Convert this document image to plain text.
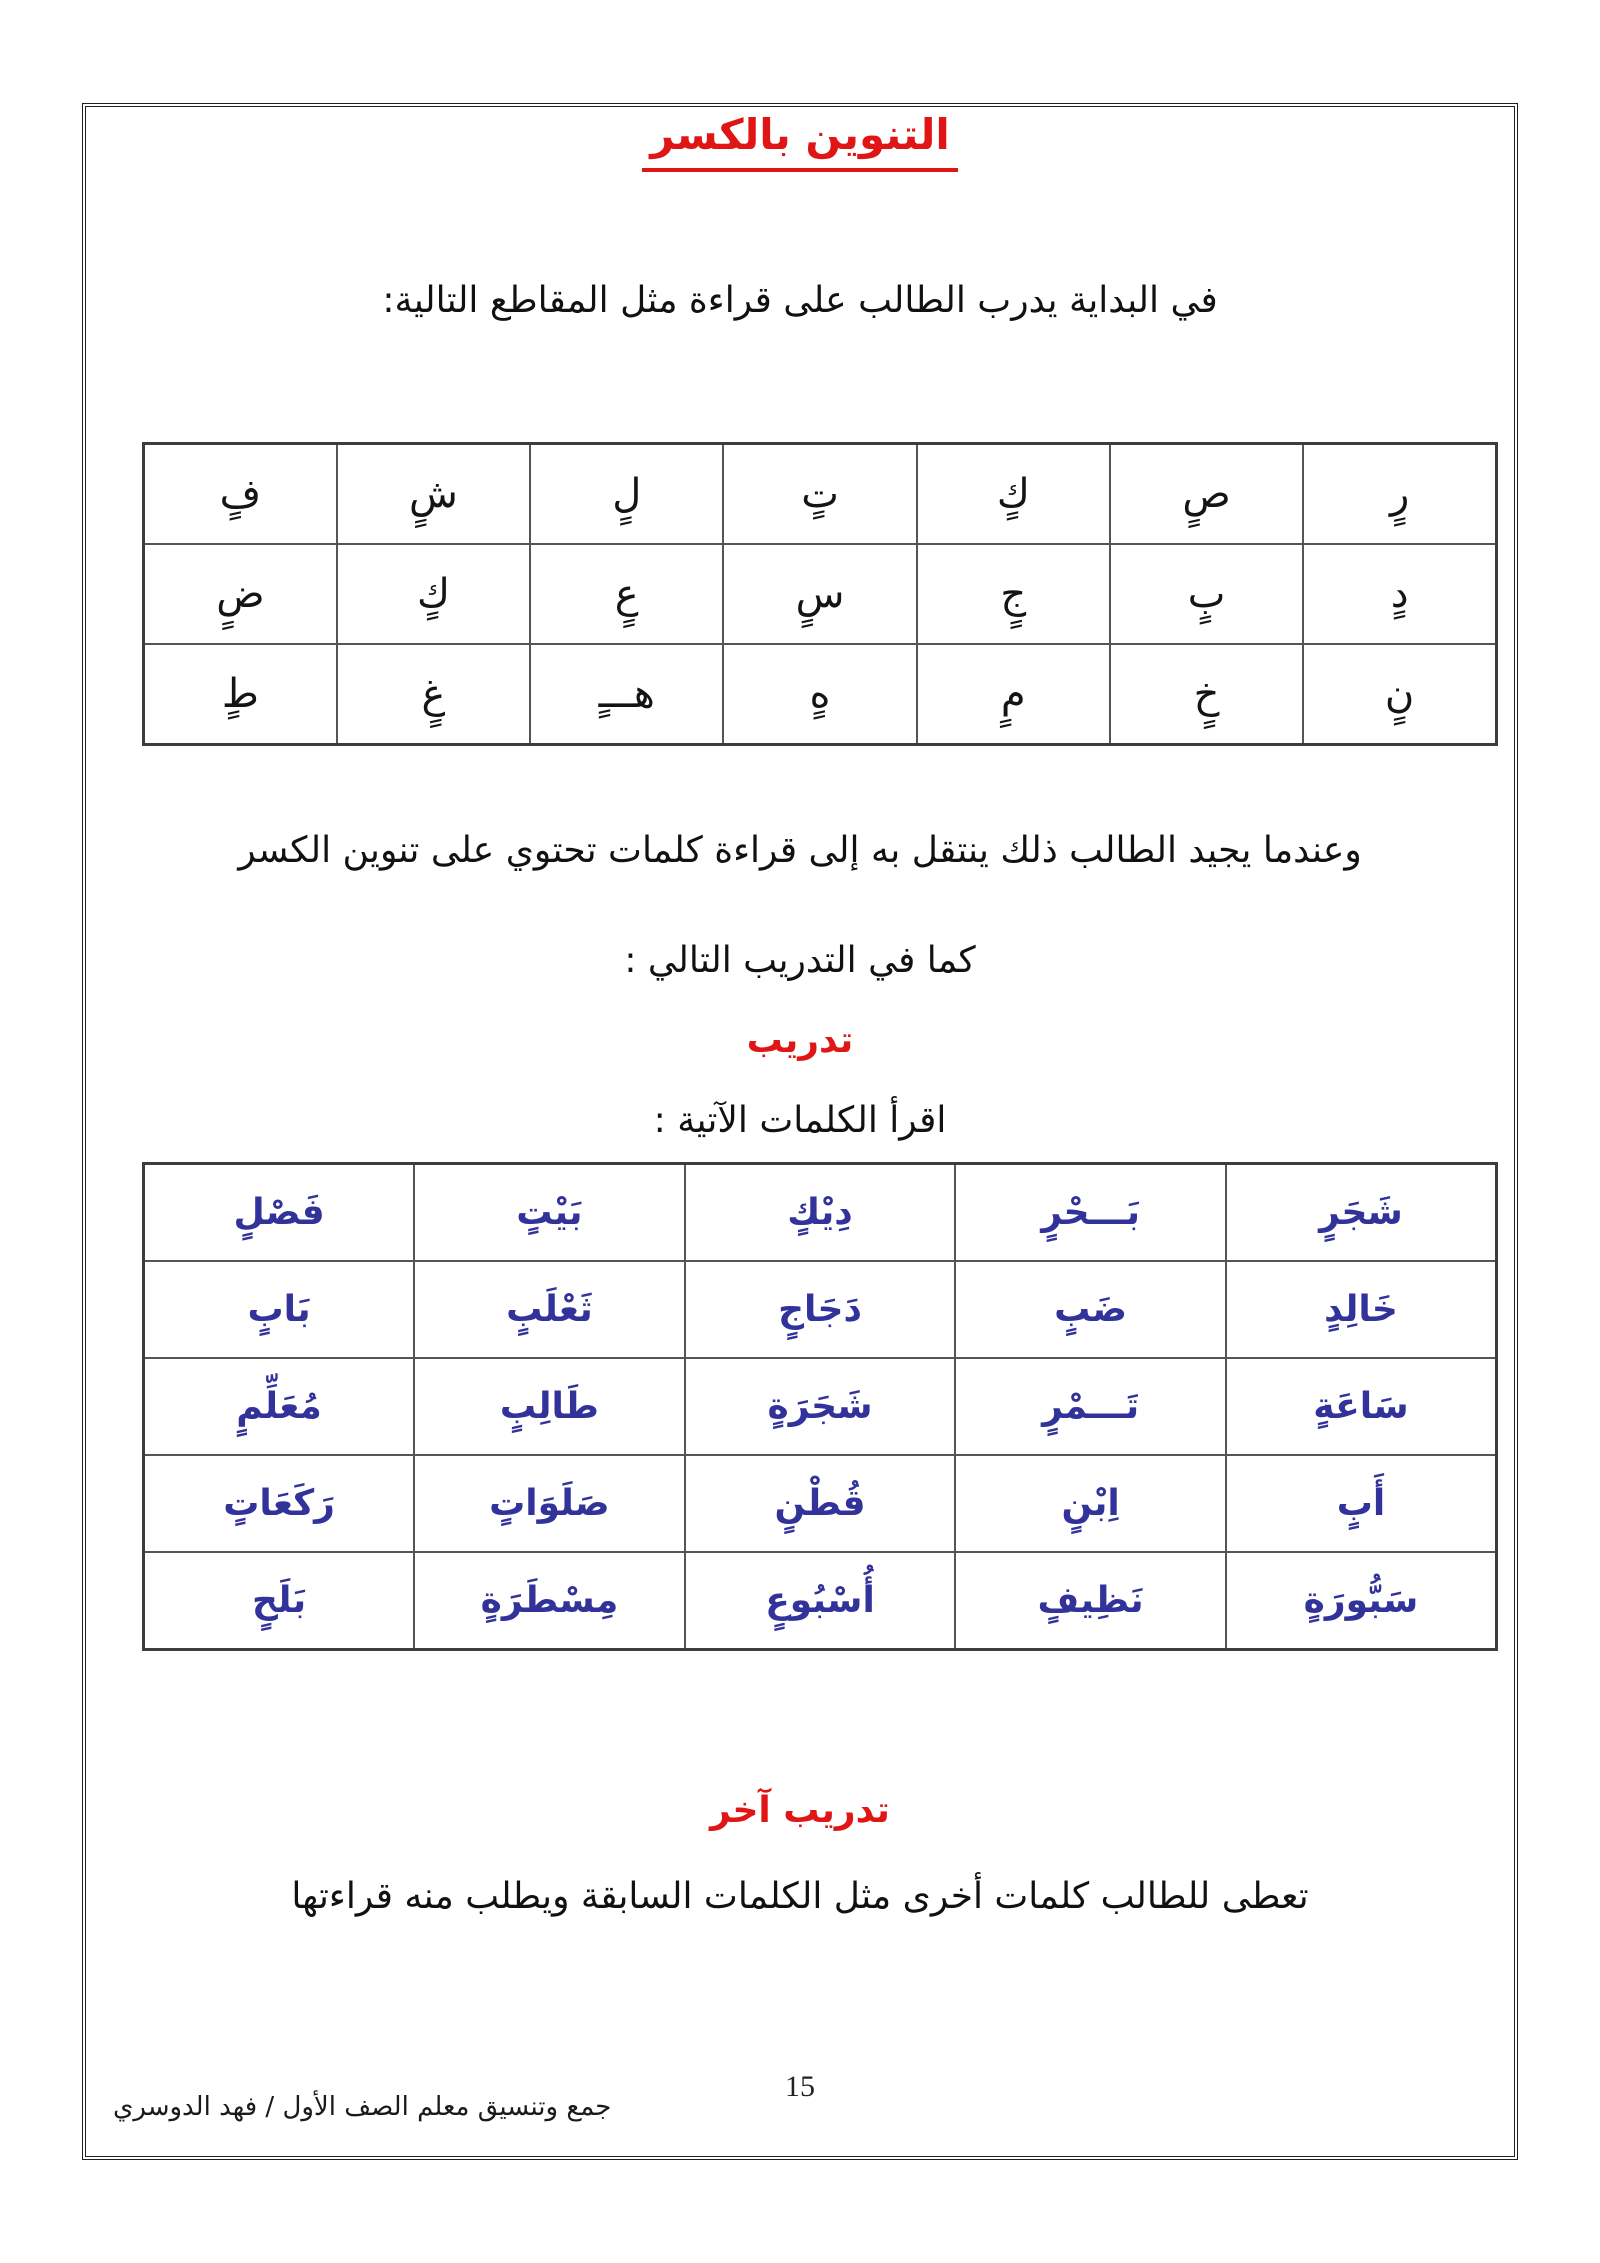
التنوين بالكسر
في البداية يدرب الطالب على قراءة مثل المقاطع التالية:
رٍ	صٍ	كٍ	تٍ	لٍ	شٍ	فٍ
دٍ	بٍ	جٍ	سٍ	عٍ	كٍ	ضٍ
نٍ	خٍ	مٍ	هٍ	هـــٍ	غٍ	طٍ
وعندما يجيد الطالب ذلك ينتقل به إلى قراءة كلمات تحتوي على تنوين الكسر
كما في التدريب التالي :
تدريب
اقرأ الكلمات الآتية :
شَجَرٍ	بَـــحْرٍ	دِيْكٍ	بَيْتٍ	فَصْلٍ
خَالِدٍ	ضَبٍ	دَجَاجٍ	ثَعْلَبٍ	بَابٍ
سَاعَةٍ	تَـــمْرٍ	شَجَرَةٍ	طَالِبٍ	مُعَلِّمٍ
أَبٍ	اِبْنٍ	قُطْنٍ	صَلَوَاتٍ	رَكَعَاتٍ
سَبُّورَةٍ	نَظِيفٍ	أُسْبُوعٍ	مِسْطَرَةٍ	بَلَحٍ
تدريب آخر
تعطى للطالب كلمات أخرى مثل الكلمات السابقة ويطلب منه قراءتها
15
جمع وتنسيق معلم الصف الأول / فهد الدوسري
